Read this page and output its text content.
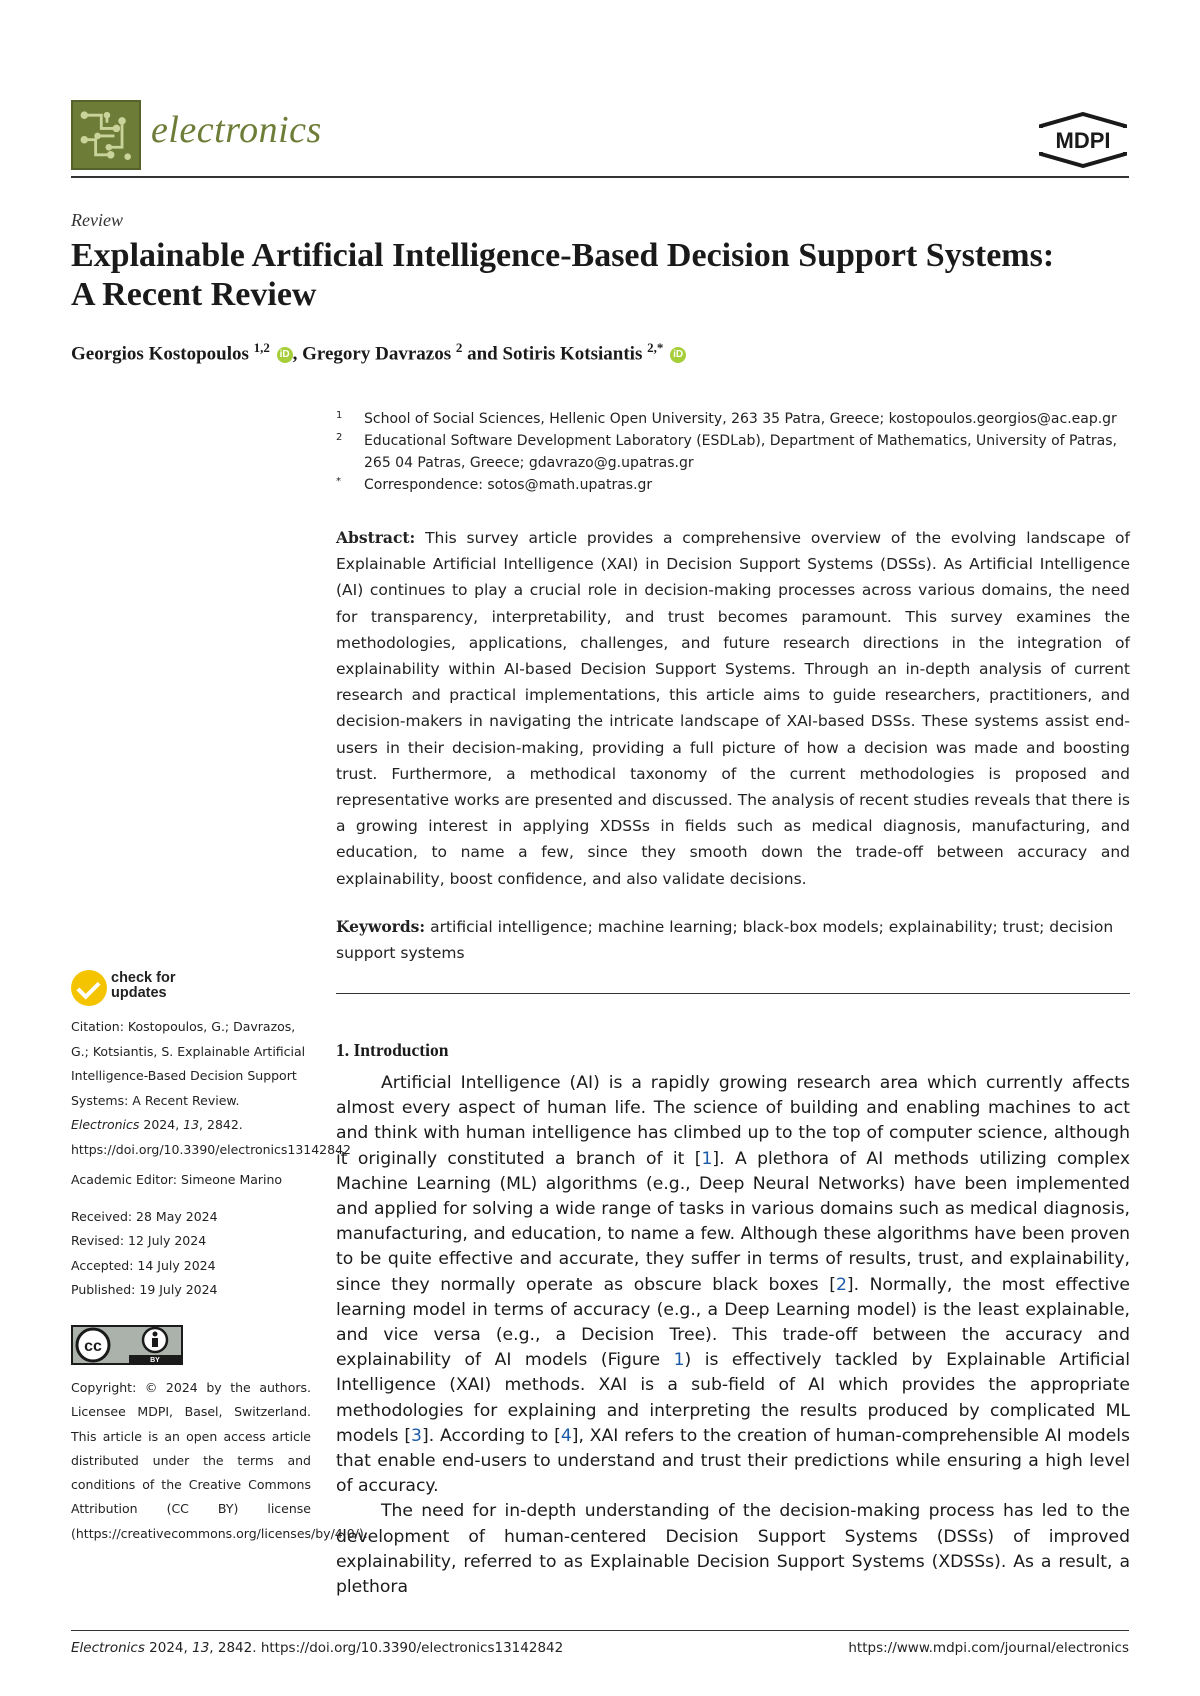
electronics	MDPI
Review
Explainable Artificial Intelligence-Based Decision Support Systems: A Recent Review
Georgios Kostopoulos $^{1,2}$ iD , Gregory Davrazos $^2$ and Sotiris Kotsiantis $^{2,*}$ iD
1 School of Social Sciences, Hellenic Open University, 263 35 Patra, Greece; kostopoulos.georgios@ac.eap.gr
2 Educational Software Development Laboratory (ESDLab), Department of Mathematics, University of Patras, 265 04 Patras, Greece; gdavrazo@g.upatras.gr
* Correspondence: sotos@math.upatras.gr
Abstract: This survey article provides a comprehensive overview of the evolving landscape of Explainable Artificial Intelligence (XAI) in Decision Support Systems (DSSs). As Artificial Intelligence (AI) continues to play a crucial role in decision-making processes across various domains, the need for transparency, interpretability, and trust becomes paramount. This survey examines the methodologies, applications, challenges, and future research directions in the integration of explainability within AI-based Decision Support Systems. Through an in-depth analysis of current research and practical implementations, this article aims to guide researchers, practitioners, and decision-makers in navigating the intricate landscape of XAI-based DSSs. These systems assist end-users in their decision-making, providing a full picture of how a decision was made and boosting trust. Furthermore, a methodical taxonomy of the current methodologies is proposed and representative works are presented and discussed. The analysis of recent studies reveals that there is a growing interest in applying XDSSs in fields such as medical diagnosis, manufacturing, and education, to name a few, since they smooth down the trade-off between accuracy and explainability, boost confidence, and also validate decisions.
Keywords: artificial intelligence; machine learning; black-box models; explainability; trust; decision support systems
1. Introduction

Artificial Intelligence (AI) is a rapidly growing research area which currently affects almost every aspect of human life. The science of building and enabling machines to act and think with human intelligence has climbed up to the top of computer science, although it originally constituted a branch of it [1]. A plethora of AI methods utilizing complex Machine Learning (ML) algorithms (e.g., Deep Neural Networks) have been implemented and applied for solving a wide range of tasks in various domains such as medical diagnosis, manufacturing, and education, to name a few. Although these algorithms have been proven to be quite effective and accurate, they suffer in terms of results, trust, and explainability, since they normally operate as obscure black boxes [2]. Normally, the most effective learning model in terms of accuracy (e.g., a Deep Learning model) is the least explainable, and vice versa (e.g., a Decision Tree). This trade-off between the accuracy and explainability of AI models (Figure 1) is effectively tackled by Explainable Artificial Intelligence (XAI) methods. XAI is a sub-field of AI which provides the appropriate methodologies for explaining and interpreting the results produced by complicated ML models [3]. According to [4], XAI refers to the creation of human-comprehensible AI models that enable end-users to understand and trust their predictions while ensuring a high level of accuracy.

The need for in-depth understanding of the decision-making process has led to the development of human-centered Decision Support Systems (DSSs) of improved explainability, referred to as Explainable Decision Support Systems (XDSSs). As a result, a plethora

check for
updates
Citation: Kostopoulos, G.; Davrazos, G.; Kotsiantis, S. Explainable Artificial Intelligence-Based Decision Support Systems: A Recent Review. Electronics 2024, 13, 2842. https://doi.org/10.3390/electronics13142842
Academic Editor: Simeone Marino
Received: 28 May 2024
Revised: 12 July 2024
Accepted: 14 July 2024
Published: 19 July 2024
cc
BY
Copyright: © 2024 by the authors. Licensee MDPI, Basel, Switzerland. This article is an open access article distributed under the terms and conditions of the Creative Commons Attribution (CC BY) license (https://creativecommons.org/licenses/by/4.0/).
Electronics 2024, 13, 2842. https://doi.org/10.3390/electronics13142842	https://www.mdpi.com/journal/electronics
